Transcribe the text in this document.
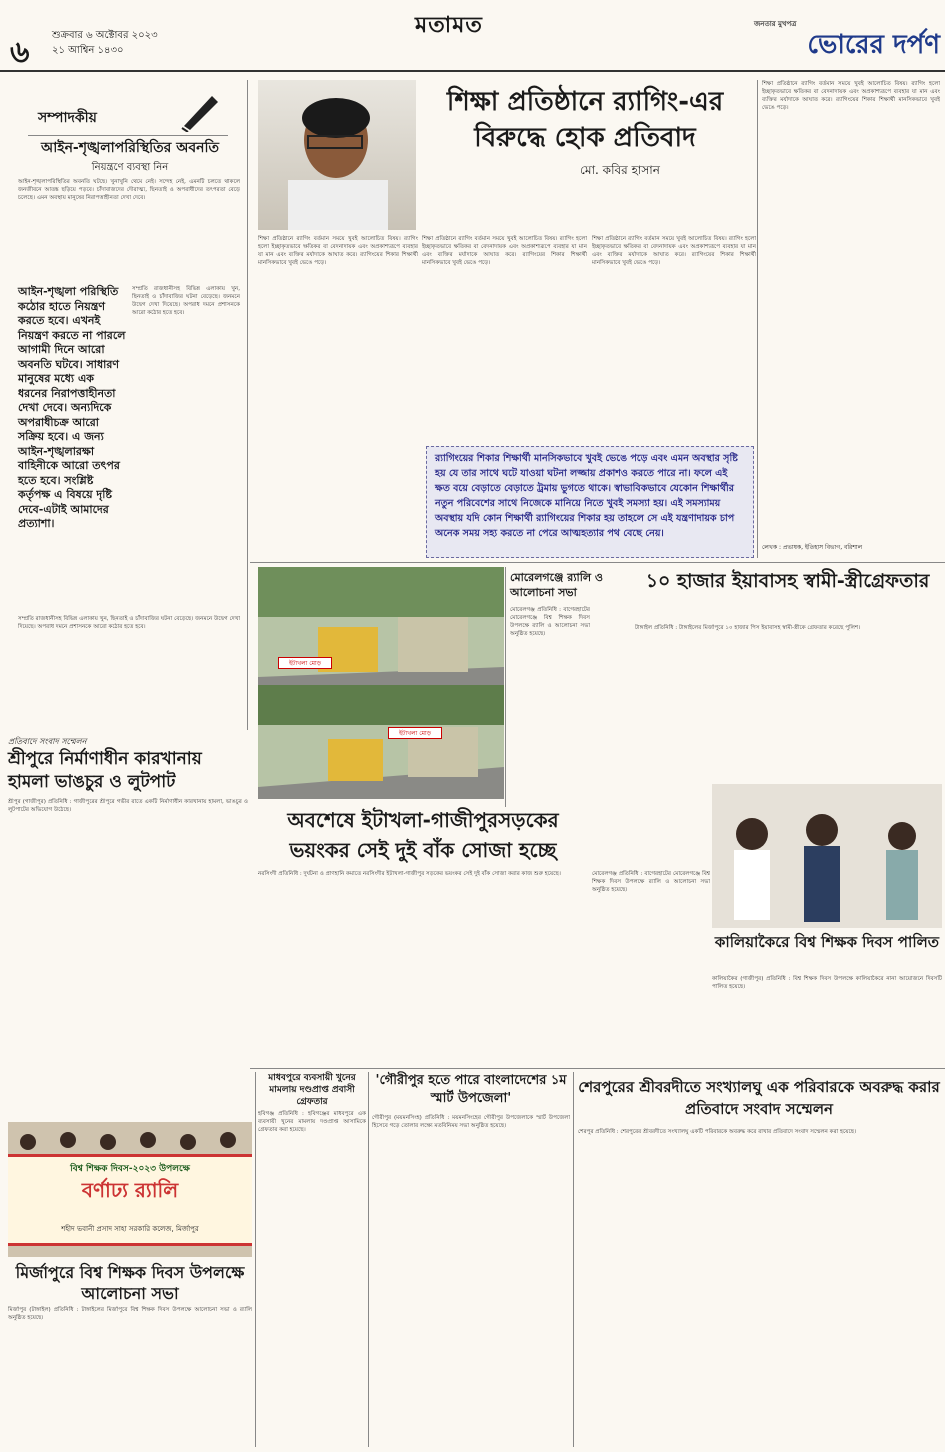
৬ শুক্রবার ৬ অক্টোবর ২০২৩
২১ আশ্বিন ১৪৩০
মতামত	জনতার মুখপত্র
ভোরের দর্পণ
সম্পাদকীয়
আইন-শৃঙ্খলাপরিস্থিতির অবনতি
নিয়ন্ত্রণে ব্যবস্থা নিন
আইন-শৃঙ্খলাপরিস্থিতির অবনতি ঘটছে। খুনাখুনি থেমে নেই। সন্দেহ নেই, এমনটি চলতে থাকলে জনজীবনে আতঙ্ক ছড়িয়ে পড়বে। চাঁদাবাজদের দৌরাত্ম্য, ছিনতাই ও অপরাধীদের তৎপরতা বেড়ে চলেছে। এমন অবস্থায় মানুষের নিরাপত্তাহীনতা দেখা দেবে।
আইন-শৃঙ্খলা পরিস্থিতি কঠোর হাতে নিয়ন্ত্রণ করতে হবে। এখনই নিয়ন্ত্রণ করতে না পারলে আগামী দিনে আরো অবনতি ঘটবে। সাধারণ মানুষের মধ্যে এক ধরনের নিরাপত্তাহীনতা দেখা দেবে। অন্যদিকে অপরাধীচক্র আরো সক্রিয় হবে। এ জন্য আইন-শৃঙ্খলারক্ষা বাহিনীকে আরো তৎপর হতে হবে। সংশ্লিষ্ট কর্তৃপক্ষ এ বিষয়ে দৃষ্টি দেবে-এটাই আমাদের প্রত্যাশা।
সম্প্রতি রাজধানীসহ বিভিন্ন এলাকায় খুন, ছিনতাই ও চাঁদাবাজির ঘটনা বেড়েছে। জনমনে উদ্বেগ দেখা দিয়েছে। অপরাধ দমনে প্রশাসনকে আরো কঠোর হতে হবে।
সম্প্রতি রাজধানীসহ বিভিন্ন এলাকায় খুন, ছিনতাই ও চাঁদাবাজির ঘটনা বেড়েছে। জনমনে উদ্বেগ দেখা দিয়েছে। অপরাধ দমনে প্রশাসনকে আরো কঠোর হতে হবে।
শিক্ষা প্রতিষ্ঠানে র‍্যাগিং-এর বিরুদ্ধে হোক প্রতিবাদ
মো. কবির হাসান
শিক্ষা প্রতিষ্ঠানে র‍্যাগিং বর্তমান সময়ে খুবই আলোচিত বিষয়। র‍্যাগিং হলো ইচ্ছাকৃতভাবে ক্ষতিকর বা বেদনাদায়ক এবং অপ্রকাশ্যরূপে ব্যবহার যা মান এবং ব্যক্তির মর্যাদাকে আঘাত করে। র‍্যাগিংয়ের শিকার শিক্ষার্থী মানসিকভাবে খুবই ভেঙে পড়ে।
শিক্ষা প্রতিষ্ঠানে র‍্যাগিং বর্তমান সময়ে খুবই আলোচিত বিষয়। র‍্যাগিং হলো ইচ্ছাকৃতভাবে ক্ষতিকর বা বেদনাদায়ক এবং অপ্রকাশ্যরূপে ব্যবহার যা মান এবং ব্যক্তির মর্যাদাকে আঘাত করে। র‍্যাগিংয়ের শিকার শিক্ষার্থী মানসিকভাবে খুবই ভেঙে পড়ে।
শিক্ষা প্রতিষ্ঠানে র‍্যাগিং বর্তমান সময়ে খুবই আলোচিত বিষয়। র‍্যাগিং হলো ইচ্ছাকৃতভাবে ক্ষতিকর বা বেদনাদায়ক এবং অপ্রকাশ্যরূপে ব্যবহার যা মান এবং ব্যক্তির মর্যাদাকে আঘাত করে। র‍্যাগিংয়ের শিকার শিক্ষার্থী মানসিকভাবে খুবই ভেঙে পড়ে।
র‍্যাগিংয়ের শিকার শিক্ষার্থী মানসিকভাবে খুবই ভেঙে পড়ে এবং এমন অবস্থার সৃষ্টি হয় যে তার সাথে ঘটে যাওয়া ঘটনা লজ্জায় প্রকাশও করতে পারে না। ফলে এই ক্ষত বয়ে বেড়াতে বেড়াতে ট্রমায় ভুগতে থাকে। স্বাভাবিকভাবে যেকোন শিক্ষার্থীর নতুন পরিবেশের সাথে নিজেকে মানিয়ে নিতে খুবই সমস্যা হয়। এই সমস্যাময় অবস্থায় যদি কোন শিক্ষার্থী র‍্যাগিংয়ের শিকার হয় তাহলে সে এই যন্ত্রণাদায়ক চাপ অনেক সময় সহ্য করতে না পেরে আত্মহত্যার পথ বেছে নেয়।
শিক্ষা প্রতিষ্ঠানে র‍্যাগিং বর্তমান সময়ে খুবই আলোচিত বিষয়। র‍্যাগিং হলো ইচ্ছাকৃতভাবে ক্ষতিকর বা বেদনাদায়ক এবং অপ্রকাশ্যরূপে ব্যবহার যা মান এবং ব্যক্তির মর্যাদাকে আঘাত করে। র‍্যাগিংয়ের শিকার শিক্ষার্থী মানসিকভাবে খুবই ভেঙে পড়ে।
লেখক : প্রভাষক, ইতিহাস বিভাগ, বরিশাল
ইটাখলা মোড়
ইটাখলা মোড়
অবশেষে ইটাখলা-গাজীপুরসড়কের ভয়ংকর সেই দুই বাঁক সোজা হচ্ছে
নরসিংদী প্রতিনিধি : দুর্ঘটনা ও প্রাণহানি কমাতে নরসিংদীর ইটাখলা-গাজীপুর সড়কের ভয়ংকর সেই দুই বাঁক সোজা করার কাজ শুরু হয়েছে।
মোরেলগঞ্জে র‍্যালি ও আলোচনা সভা
মোরেলগঞ্জ প্রতিনিধি : বাগেরহাটের মোরেলগঞ্জে বিশ্ব শিক্ষক দিবস উপলক্ষে র‍্যালি ও আলোচনা সভা অনুষ্ঠিত হয়েছে।
মোরেলগঞ্জ প্রতিনিধি : বাগেরহাটের মোরেলগঞ্জে বিশ্ব শিক্ষক দিবস উপলক্ষে র‍্যালি ও আলোচনা সভা অনুষ্ঠিত হয়েছে।
১০ হাজার ইয়াবাসহ স্বামী-স্ত্রীগ্রেফতার
টাঙ্গাইল প্রতিনিধি : টাঙ্গাইলের মির্জাপুরে ১০ হাজার পিস ইয়াবাসহ স্বামী-স্ত্রীকে গ্রেফতার করেছে পুলিশ।
কালিয়াকৈরে বিশ্ব শিক্ষক দিবস পালিত
কালিয়াকৈর (গাজীপুর) প্রতিনিধি : বিশ্ব শিক্ষক দিবস উপলক্ষে কালিয়াকৈরে নানা আয়োজনে দিবসটি পালিত হয়েছে।
প্রতিবাদে সংবাদ সম্মেলন
শ্রীপুরে নির্মাণাধীন কারখানায় হামলা ভাঙচুর ও লুটপাট
শ্রীপুর (গাজীপুর) প্রতিনিধি : গাজীপুরের শ্রীপুরে গভীর রাতে একটি নির্মাণাধীন কারখানায় হামলা, ভাঙচুর ও লুটপাটের অভিযোগ উঠেছে।
বিশ্ব শিক্ষক দিবস-২০২৩ উপলক্ষে
বর্ণাঢ্য র‍্যালি
শহীদ ভবানী প্রসাদ সাহা সরকারি কলেজ, মির্জাপুর
মির্জাপুরে বিশ্ব শিক্ষক দিবস উপলক্ষে আলোচনা সভা
মির্জাপুর (টাঙ্গাইল) প্রতিনিধি : টাঙ্গাইলের মির্জাপুরে বিশ্ব শিক্ষক দিবস উপলক্ষে আলোচনা সভা ও র‍্যালি অনুষ্ঠিত হয়েছে।
মাধবপুরে ব্যবসায়ী খুনের মামলায় দণ্ডপ্রাপ্ত প্রবাসী গ্রেফতার
হবিগঞ্জ প্রতিনিধি : হবিগঞ্জের মাধবপুরে এক ব্যবসায়ী খুনের মামলায় দণ্ডপ্রাপ্ত আসামিকে গ্রেফতার করা হয়েছে।
'গৌরীপুর হতে পারে বাংলাদেশের ১ম স্মার্ট উপজেলা'
গৌরীপুর (ময়মনসিংহ) প্রতিনিধি : ময়মনসিংহের গৌরীপুর উপজেলাকে স্মার্ট উপজেলা হিসেবে গড়ে তোলার লক্ষ্যে মতবিনিময় সভা অনুষ্ঠিত হয়েছে।
শেরপুরের শ্রীবরদীতে সংখ্যালঘু এক পরিবারকে অবরুদ্ধ করার প্রতিবাদে সংবাদ সম্মেলন
শেরপুর প্রতিনিধি : শেরপুরের শ্রীবরদীতে সংখ্যালঘু একটি পরিবারকে অবরুদ্ধ করে রাখার প্রতিবাদে সংবাদ সম্মেলন করা হয়েছে।
